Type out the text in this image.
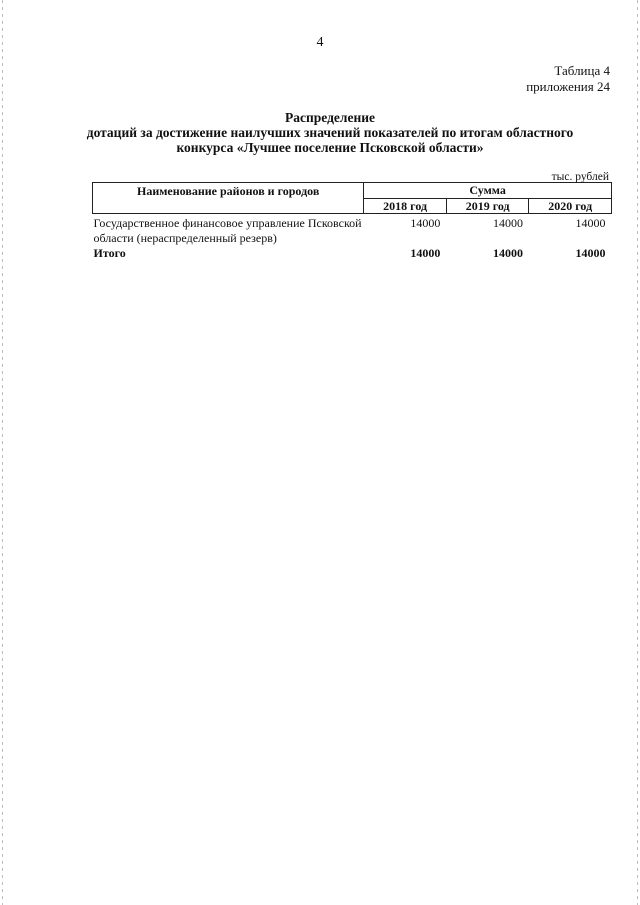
4
Таблица 4
приложения 24
Распределение
дотаций за достижение наилучших значений показателей по итогам областного
конкурса «Лучшее поселение Псковской области»
тыс. рублей
Наименование районов и городов	Сумма		
	2018 год	2019 год	2020 год
Государственное финансовое управление Псковской области (нераспределенный резерв)	14000	14000	14000
Итого	14000	14000	14000
